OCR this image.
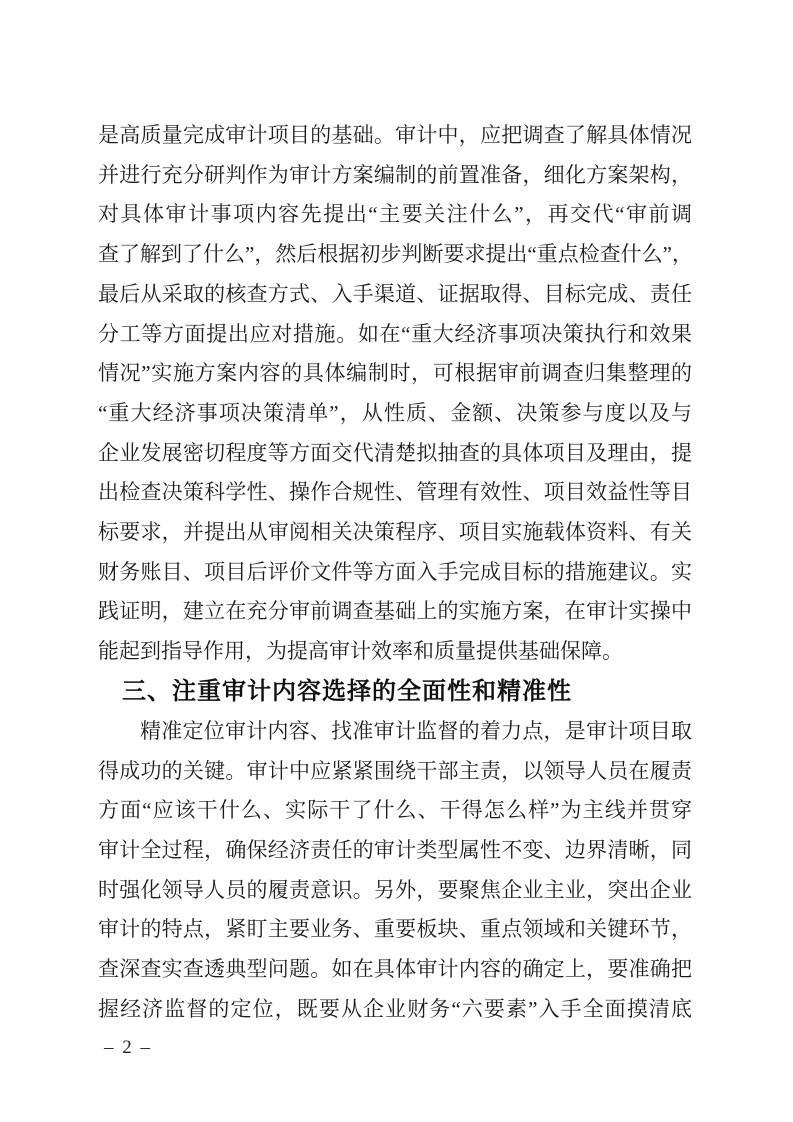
是高质量完成审计项目的基础。审计中，应把调查了解具体情况
并进行充分研判作为审计方案编制的前置准备，细化方案架构，
对具体审计事项内容先提出“主要关注什么”，再交代“审前调
查了解到了什么”，然后根据初步判断要求提出“重点检查什么”，
最后从采取的核查方式、入手渠道、证据取得、目标完成、责任
分工等方面提出应对措施。如在“重大经济事项决策执行和效果
情况”实施方案内容的具体编制时，可根据审前调查归集整理的
“重大经济事项决策清单”，从性质、金额、决策参与度以及与
企业发展密切程度等方面交代清楚拟抽查的具体项目及理由，提
出检查决策科学性、操作合规性、管理有效性、项目效益性等目
标要求，并提出从审阅相关决策程序、项目实施载体资料、有关
财务账目、项目后评价文件等方面入手完成目标的措施建议。实
践证明，建立在充分审前调查基础上的实施方案，在审计实操中
能起到指导作用，为提高审计效率和质量提供基础保障。
三、注重审计内容选择的全面性和精准性
精准定位审计内容、找准审计监督的着力点，是审计项目取
得成功的关键。审计中应紧紧围绕干部主责，以领导人员在履责
方面“应该干什么、实际干了什么、干得怎么样”为主线并贯穿
审计全过程，确保经济责任的审计类型属性不变、边界清晰，同
时强化领导人员的履责意识。另外，要聚焦企业主业，突出企业
审计的特点，紧盯主要业务、重要板块、重点领域和关键环节，
查深查实查透典型问题。如在具体审计内容的确定上，要准确把
握经济监督的定位，既要从企业财务“六要素”入手全面摸清底
– 2 –
